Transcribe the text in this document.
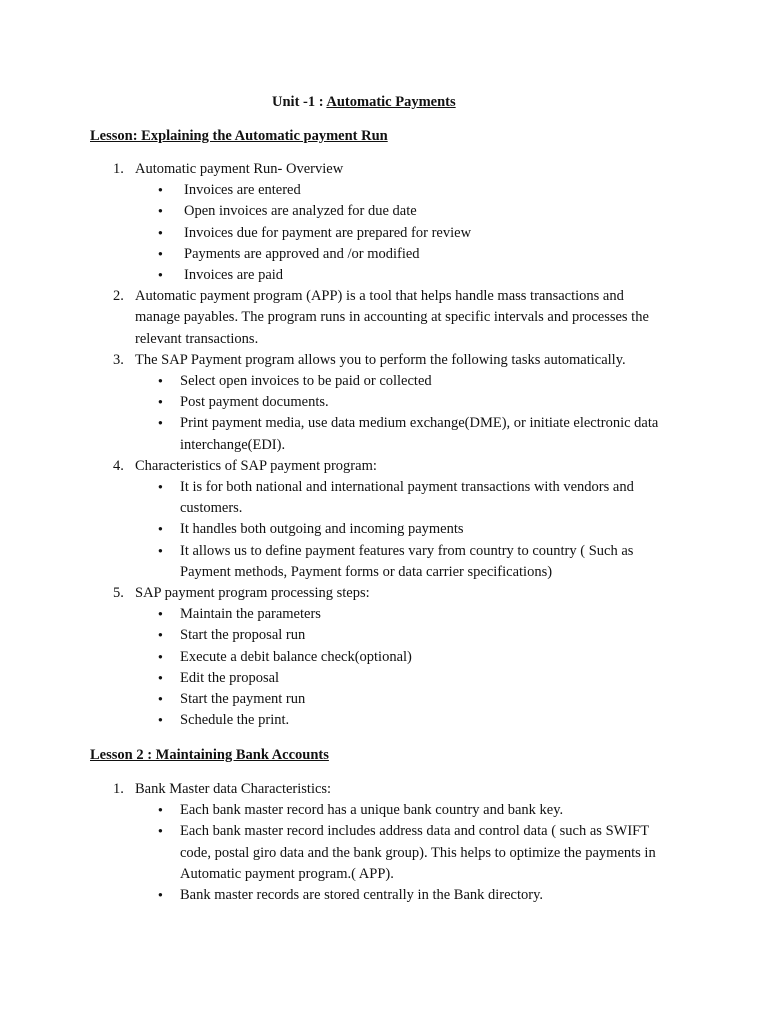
Unit -1 : Automatic Payments
Lesson: Explaining the Automatic payment Run
1. Automatic payment Run- Overview
● Invoices are entered
● Open invoices are analyzed for due date
● Invoices due for payment are prepared for review
● Payments are approved and /or modified
● Invoices are paid
2. Automatic payment program (APP) is a tool that helps handle mass transactions and
manage payables. The program runs in accounting at specific intervals and processes the
relevant transactions.
3. The SAP Payment program allows you to perform the following tasks automatically.
● Select open invoices to be paid or collected
● Post payment documents.
● Print payment media, use data medium exchange(DME), or initiate electronic data
interchange(EDI).
4. Characteristics of SAP payment program:
● It is for both national and international payment transactions with vendors and
customers.
● It handles both outgoing and incoming payments
● It allows us to define payment features vary from country to country ( Such as
Payment methods, Payment forms or data carrier specifications)
5. SAP payment program processing steps:
● Maintain the parameters
● Start the proposal run
● Execute a debit balance check(optional)
● Edit the proposal
● Start the payment run
● Schedule the print.
Lesson 2 : Maintaining Bank Accounts
1. Bank Master data Characteristics:
● Each bank master record has a unique bank country and bank key.
● Each bank master record includes address data and control data ( such as SWIFT
code, postal giro data and the bank group). This helps to optimize the payments in
Automatic payment program.( APP).
● Bank master records are stored centrally in the Bank directory.
